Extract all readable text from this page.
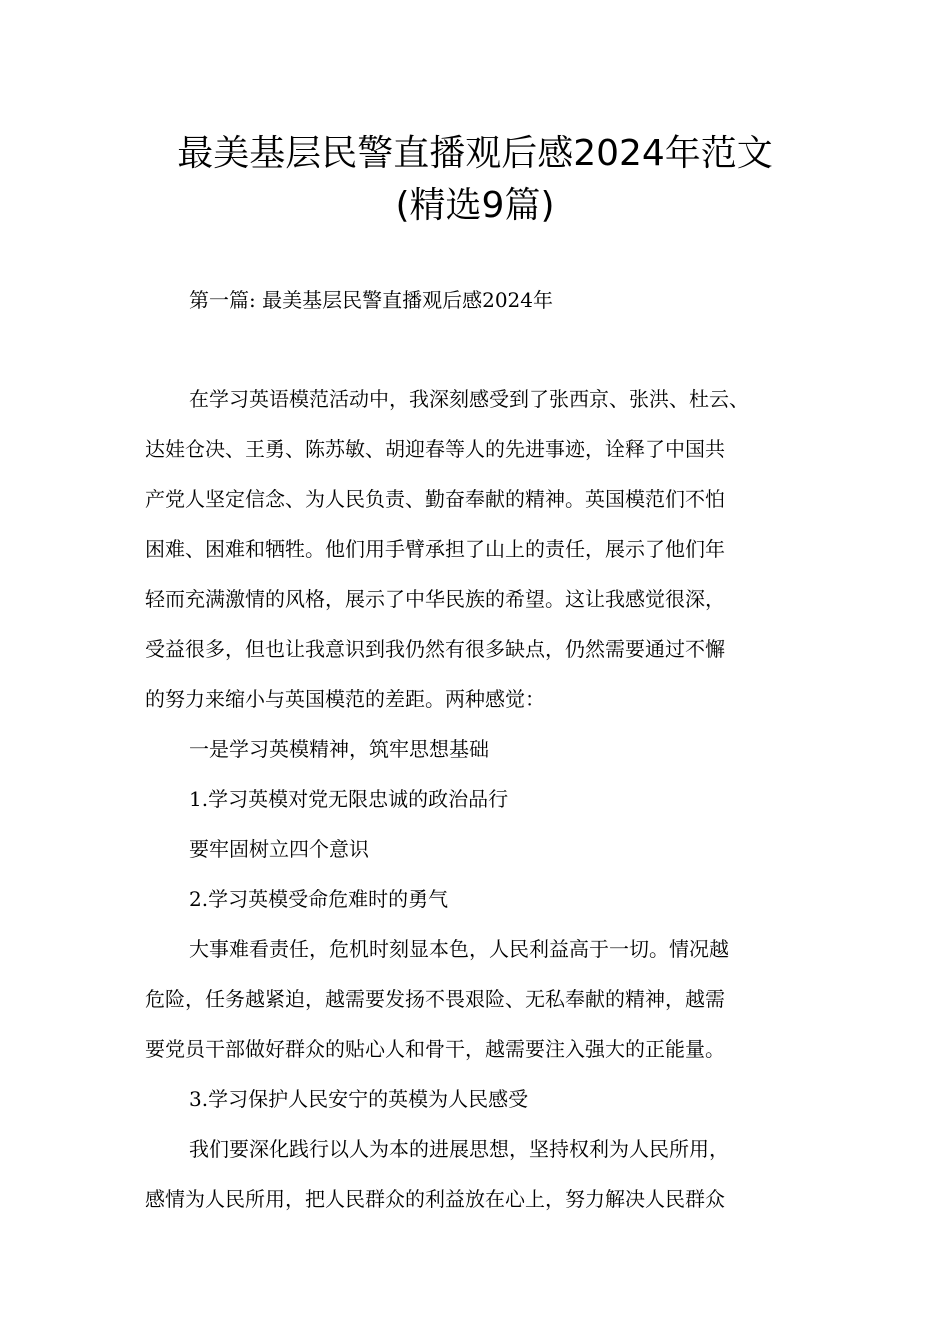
最美基层民警直播观后感2024年范文
(精选9篇)

第一篇: 最美基层民警直播观后感2024年

在学习英语模范活动中，我深刻感受到了张西京、张洪、杜云、
达娃仓决、王勇、陈苏敏、胡迎春等人的先进事迹，诠释了中国共
产党人坚定信念、为人民负责、勤奋奉献的精神。英国模范们不怕
困难、困难和牺牲。他们用手臂承担了山上的责任，展示了他们年
轻而充满激情的风格，展示了中华民族的希望。这让我感觉很深，
受益很多，但也让我意识到我仍然有很多缺点，仍然需要通过不懈
的努力来缩小与英国模范的差距。两种感觉：
一是学习英模精神，筑牢思想基础
1.学习英模对党无限忠诚的政治品行
要牢固树立四个意识
2.学习英模受命危难时的勇气
大事难看责任，危机时刻显本色，人民利益高于一切。情况越
危险，任务越紧迫，越需要发扬不畏艰险、无私奉献的精神，越需
要党员干部做好群众的贴心人和骨干，越需要注入强大的正能量。
3.学习保护人民安宁的英模为人民感受
我们要深化践行以人为本的进展思想，坚持权利为人民所用，
感情为人民所用，把人民群众的利益放在心上，努力解决人民群众
